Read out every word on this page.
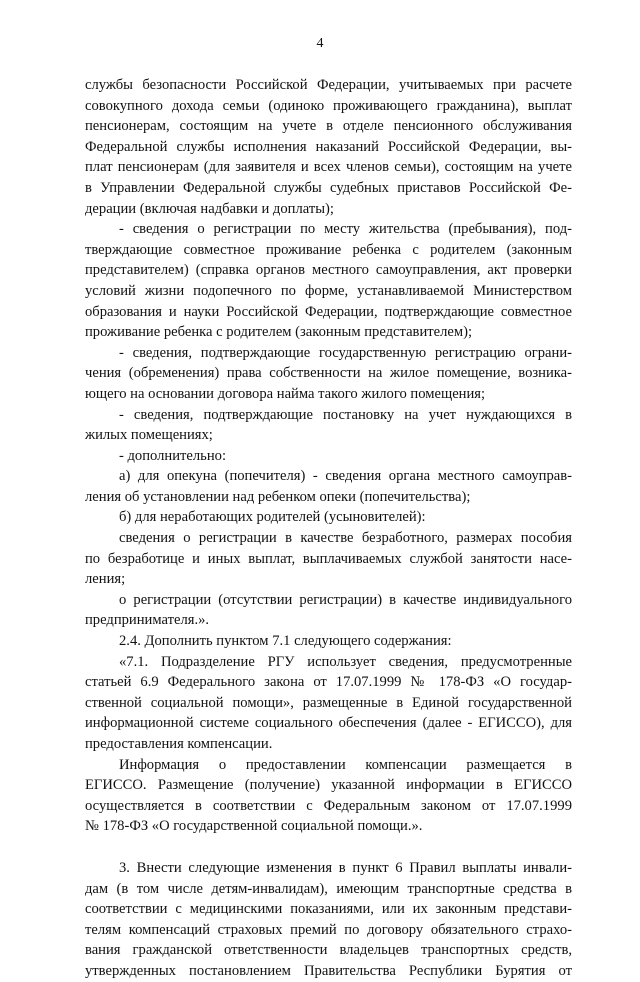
4
службы безопасности Российской Федерации, учитываемых при расчете
совокупного дохода семьи (одиноко проживающего гражданина), выплат
пенсионерам, состоящим на учете в отделе пенсионного обслуживания
Федеральной службы исполнения наказаний Российской Федерации, вы-
плат пенсионерам (для заявителя и всех членов семьи), состоящим на учете
в Управлении Федеральной службы судебных приставов Российской Фе-
дерации (включая надбавки и доплаты);
- сведения о регистрации по месту жительства (пребывания), под-
тверждающие совместное проживание ребенка с родителем (законным
представителем) (справка органов местного самоуправления, акт проверки
условий жизни подопечного по форме, устанавливаемой Министерством
образования и науки Российской Федерации, подтверждающие совместное
проживание ребенка с родителем (законным представителем);
- сведения, подтверждающие государственную регистрацию ограни-
чения (обременения) права собственности на жилое помещение, возника-
ющего на основании договора найма такого жилого помещения;
- сведения, подтверждающие постановку на учет нуждающихся в
жилых помещениях;
- дополнительно:
а) для опекуна (попечителя) - сведения органа местного самоуправ-
ления об установлении над ребенком опеки (попечительства);
б) для неработающих родителей (усыновителей):
сведения о регистрации в качестве безработного, размерах пособия
по безработице и иных выплат, выплачиваемых службой занятости насе-
ления;
о регистрации (отсутствии регистрации) в качестве индивидуального
предпринимателя.».
2.4. Дополнить пунктом 7.1 следующего содержания:
«7.1. Подразделение РГУ использует сведения, предусмотренные
статьей 6.9 Федерального закона от 17.07.1999 № 178-ФЗ «О государ-
ственной социальной помощи», размещенные в Единой государственной
информационной системе социального обеспечения (далее - ЕГИССО), для
предоставления компенсации.
Информация о предоставлении компенсации размещается в
ЕГИССО. Размещение (получение) указанной информации в ЕГИССО
осуществляется в соответствии с Федеральным законом от 17.07.1999
№ 178-ФЗ «О государственной социальной помощи.».
3. Внести следующие изменения в пункт 6 Правил выплаты инвали-
дам (в том числе детям-инвалидам), имеющим транспортные средства в
соответствии с медицинскими показаниями, или их законным представи-
телям компенсаций страховых премий по договору обязательного страхо-
вания гражданской ответственности владельцев транспортных средств,
утвержденных постановлением Правительства Республики Бурятия от
